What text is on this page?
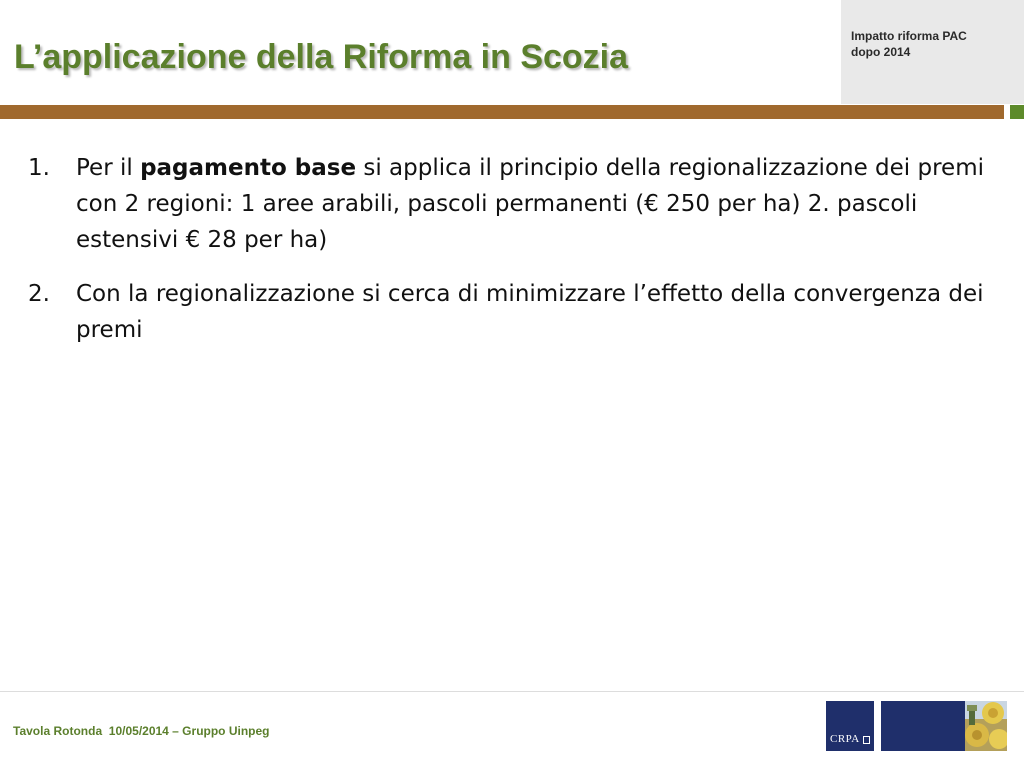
L’applicazione della Riforma in Scozia
Impatto riforma PAC
dopo 2014
1.	Per il pagamento base si applica il principio della regionalizzazione dei premi con 2 regioni: 1 aree arabili, pascoli permanenti (€ 250 per ha) 2. pascoli estensivi € 28 per ha)
2.	Con la regionalizzazione si cerca di minimizzare l’effetto della convergenza dei premi
Tavola Rotonda  10/05/2014 – Gruppo Uinpeg
CRPA
